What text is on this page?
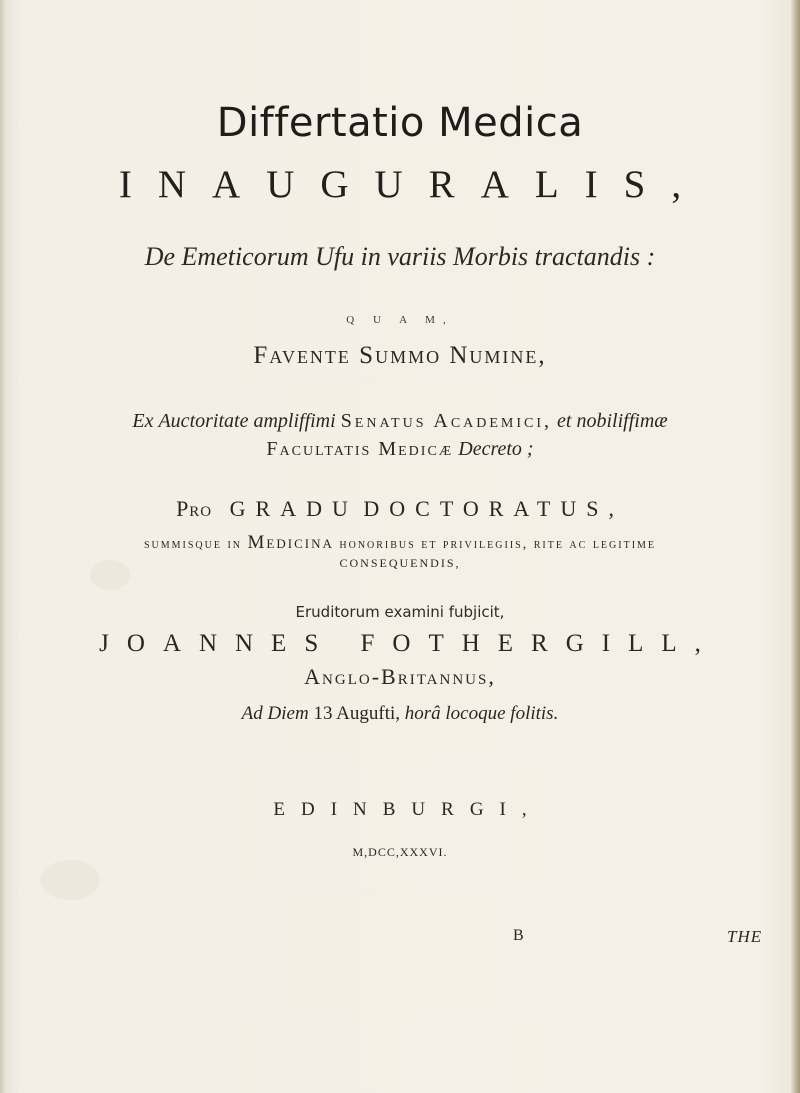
Differtatio Medica
INAUGURALIS,
De Emeticorum Ufu in variis Morbis tractandis :
Q U A M,
Favente Summo Numine,
Ex Auctoritate ampliffimi Senatus Academici, et nobiliffimæ
Facultatis Medicæ Decreto ;
Pro GRADU DOCTORATUS,
summisque in Medicina honoribus et privilegiis, rite ac legitime
CONSEQUENDIS,
Eruditorum examini fubjicit,
JOANNES FOTHERGILL,
Anglo-Britannus,
Ad Diem 13 Augufti, horâ locoque folitis.
EDINBURGI,
M,DCC,XXXVI.
B	THE
